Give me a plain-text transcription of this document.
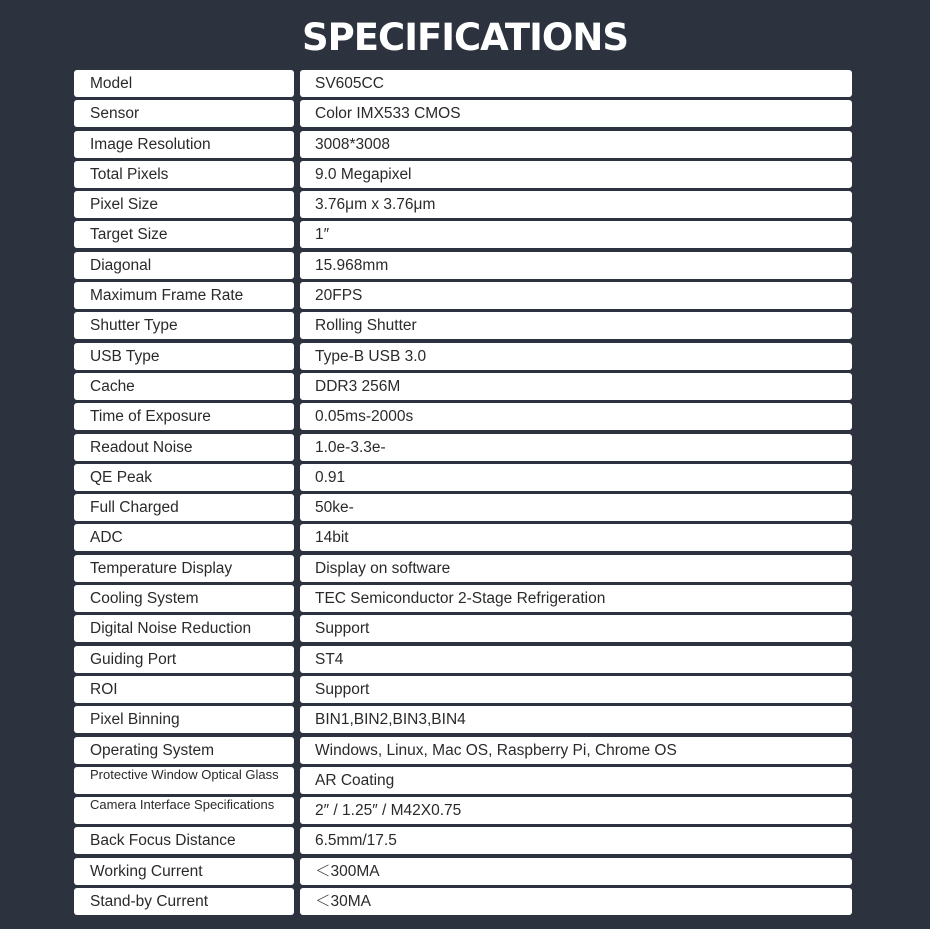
SPECIFICATIONS
Model	SV605CC
Sensor	Color IMX533 CMOS
Image Resolution	3008*3008
Total Pixels	9.0 Megapixel
Pixel Size	3.76μm x 3.76μm
Target Size	1″
Diagonal	15.968mm
Maximum Frame Rate	20FPS
Shutter Type	Rolling Shutter
USB Type	Type-B USB 3.0
Cache	DDR3 256M
Time of Exposure	0.05ms-2000s
Readout Noise	1.0e-3.3e-
QE Peak	0.91
Full Charged	50ke-
ADC	14bit
Temperature Display	Display on software
Cooling System	TEC Semiconductor 2-Stage Refrigeration
Digital Noise Reduction	Support
Guiding Port	ST4
ROI	Support
Pixel Binning	BIN1,BIN2,BIN3,BIN4
Operating System	Windows, Linux, Mac OS, Raspberry Pi, Chrome OS
Protective Window Optical Glass	AR Coating
Camera Interface Specifications	2″ / 1.25″ / M42X0.75
Back Focus Distance	6.5mm/17.5
Working Current	＜300MA
Stand-by Current	＜30MA
